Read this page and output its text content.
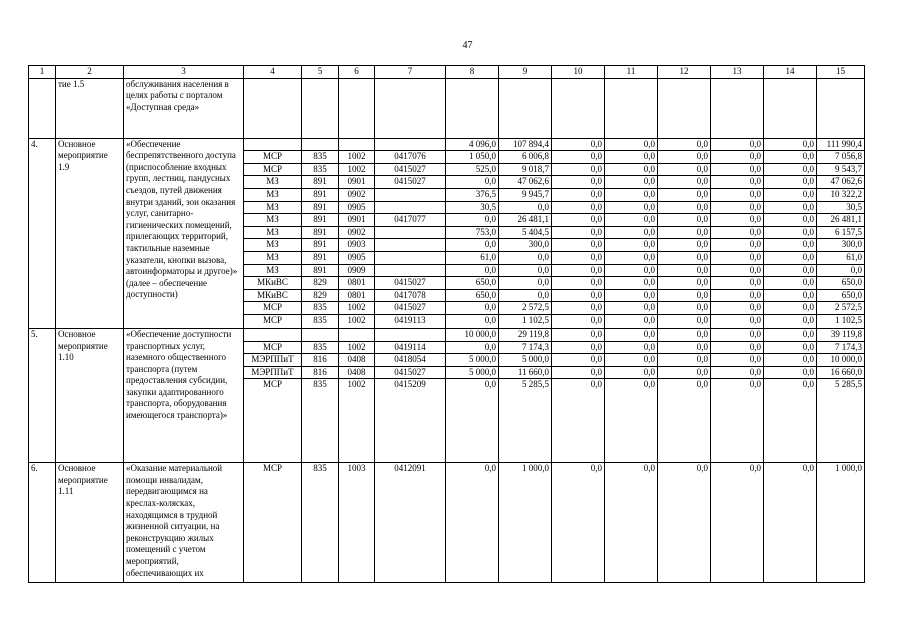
47
1	2	3	4	5	6	7	8	9	10	11	12	13	14	15
	тие 1.5	обслуживания населения в целях работы с порталом «Доступная среда»												
4.	Основное мероприятие 1.9	«Обеспечение беспрепятственного доступа (приспособление входных групп, лестниц, пандусных съездов, путей движения внутри зданий, зон оказания услуг, санитарно-гигиенических помещений, прилегающих территорий, тактильные наземные указатели, кнопки вызова, автоинформаторы и другое)» (далее – обеспечение доступности)					4 096,0	107 894,4	0,0	0,0	0,0	0,0	0,0	111 990,4
			МСР	835	1002	0417076	1 050,0	6 006,8	0,0	0,0	0,0	0,0	0,0	7 056,8
			МСР	835	1002	0415027	525,0	9 018,7	0,0	0,0	0,0	0,0	0,0	9 543,7
			МЗ	891	0901	0415027	0,0	47 062,6	0,0	0,0	0,0	0,0	0,0	47 062,6
			МЗ	891	0902		376,5	9 945,7	0,0	0,0	0,0	0,0	0,0	10 322,2
			МЗ	891	0905		30,5	0,0	0,0	0,0	0,0	0,0	0,0	30,5
			МЗ	891	0901	0417077	0,0	26 481,1	0,0	0,0	0,0	0,0	0,0	26 481,1
			МЗ	891	0902		753,0	5 404,5	0,0	0,0	0,0	0,0	0,0	6 157,5
			МЗ	891	0903		0,0	300,0	0,0	0,0	0,0	0,0	0,0	300,0
			МЗ	891	0905		61,0	0,0	0,0	0,0	0,0	0,0	0,0	61,0
			МЗ	891	0909		0,0	0,0	0,0	0,0	0,0	0,0	0,0	0,0
			МКиВС	829	0801	0415027	650,0	0,0	0,0	0,0	0,0	0,0	0,0	650,0
			МКиВС	829	0801	0417078	650,0	0,0	0,0	0,0	0,0	0,0	0,0	650,0
			МСР	835	1002	0415027	0,0	2 572,5	0,0	0,0	0,0	0,0	0,0	2 572,5
			МСР	835	1002	0419113	0,0	1 102,5	0,0	0,0	0,0	0,0	0,0	1 102,5
5.	Основное мероприятие 1.10	«Обеспечение доступности транспортных услуг, наземного общественного транспорта (путем предоставления субсидии, закупки адаптированного транспорта, оборудования имеющегося транспорта)»					10 000,0	29 119,8	0,0	0,0	0,0	0,0	0,0	39 119,8
			МСР	835	1002	0419114	0,0	7 174,3	0,0	0,0	0,0	0,0	0,0	7 174,3
			МЭРППиТ	816	0408	0418054	5 000,0	5 000,0	0,0	0,0	0,0	0,0	0,0	10 000,0
			МЭРППиТ	816	0408	0415027	5 000,0	11 660,0	0,0	0,0	0,0	0,0	0,0	16 660,0
			МСР	835	1002	0415209	0,0	5 285,5	0,0	0,0	0,0	0,0	0,0	5 285,5
6.	Основное мероприятие 1.11	«Оказание материальной помощи инвалидам, передвигающимся на креслах-колясках, находящимся в трудной жизненной ситуации, на реконструкцию жилых помещений с учетом мероприятий, обеспечивающих их	МСР	835	1003	0412091	0,0	1 000,0	0,0	0,0	0,0	0,0	0,0	1 000,0
